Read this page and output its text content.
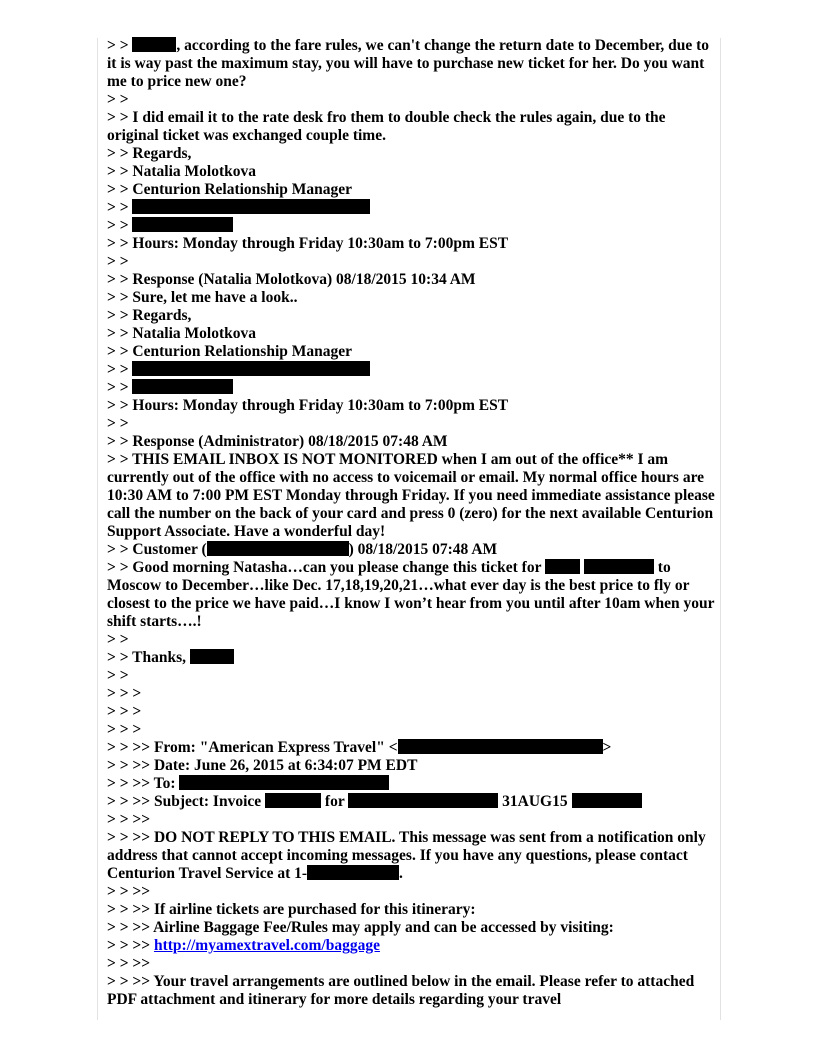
> >	, according to the fare rules, we can't change the return date to December, due to it is way past the maximum stay, you will have to purchase new ticket for her. Do you want me to price new one?
> >
> > I did email it to the rate desk fro them to double check the rules again, due to the original ticket was exchanged couple time.
> > Regards,
> > Natalia Molotkova
> > Centurion Relationship Manager
> >
> >
> > Hours: Monday through Friday 10:30am to 7:00pm EST
> >
> > Response (Natalia Molotkova) 08/18/2015 10:34 AM
> > Sure, let me have a look..
> > Regards,
> > Natalia Molotkova
> > Centurion Relationship Manager
> >
> >
> > Hours: Monday through Friday 10:30am to 7:00pm EST
> >
> > Response (Administrator) 08/18/2015 07:48 AM
> > THIS EMAIL INBOX IS NOT MONITORED when I am out of the office** I am currently out of the office with no access to voicemail or email. My normal office hours are 10:30 AM to 7:00 PM EST Monday through Friday. If you need immediate assistance please call the number on the back of your card and press 0 (zero) for the next available Centurion Support Associate. Have a wonderful day!
> > Customer (	) 08/18/2015 07:48 AM
> > Good morning Natasha…can you please change this ticket for	to Moscow to December…like Dec. 17,18,19,20,21…what ever day is the best price to fly or closest to the price we have paid…I know I won’t hear from you until after 10am when your shift starts….!
> >
> > Thanks,
> >
> > >
> > >
> > >
> > >> From: "American Express Travel" <	>
> > >> Date: June 26, 2015 at 6:34:07 PM EDT
> > >> To:
> > >> Subject: Invoice	for	31AUG15
> > >>
> > >> DO NOT REPLY TO THIS EMAIL. This message was sent from a notification only address that cannot accept incoming messages. If you have any questions, please contact Centurion Travel Service at 1-	.
> > >>
> > >> If airline tickets are purchased for this itinerary:
> > >> Airline Baggage Fee/Rules may apply and can be accessed by visiting:
> > >> http://myamextravel.com/baggage
> > >>
> > >> Your travel arrangements are outlined below in the email. Please refer to attached PDF attachment and itinerary for more details regarding your travel
